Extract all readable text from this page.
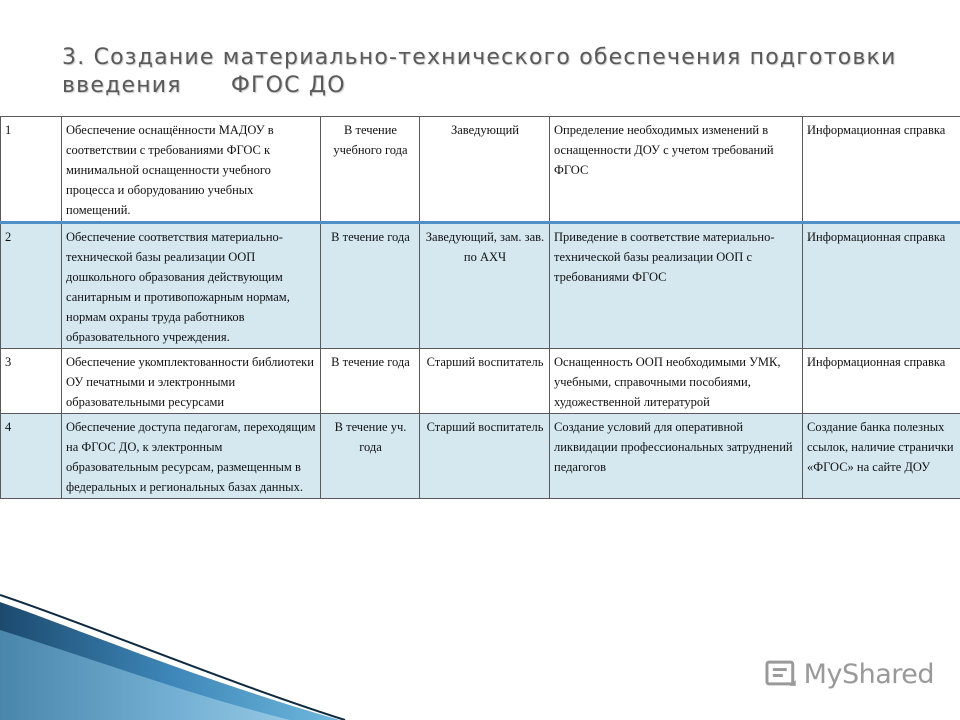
3. Создание материально-технического обеспечения подготовки
введения      ФГОС ДО
1	Обеспечение оснащённости МАДОУ в соответствии с требованиями ФГОС к минимальной оснащенности учебного процесса и оборудованию учебных помещений.	В течение учебного года	Заведующий	Определение необходимых изменений в оснащенности ДОУ с учетом требований ФГОС	Информационная справка
2	Обеспечение соответствия материально-технической базы реализации ООП дошкольного образования действующим санитарным и противопожарным нормам, нормам охраны труда работников образовательного учреждения.	В течение года	Заведующий, зам. зав. по АХЧ	Приведение в соответствие материально-технической базы реализации ООП с требованиями ФГОС	Информационная справка
3	Обеспечение укомплектованности библиотеки ОУ печатными и электронными образовательными ресурсами	В течение года	Старший воспитатель	Оснащенность ООП необходимыми УМК, учебными, справочными пособиями, художественной литературой	Информационная справка
4	Обеспечение доступа педагогам, переходящим на ФГОС ДО, к электронным образовательным ресурсам, размещенным в федеральных и региональных базах данных.	В течение уч. года	Старший воспитатель	Создание условий для оперативной ликвидации профессиональных затруднений педагогов	Создание банка полезных ссылок, наличие странички «ФГОС» на сайте ДОУ
MyShared
